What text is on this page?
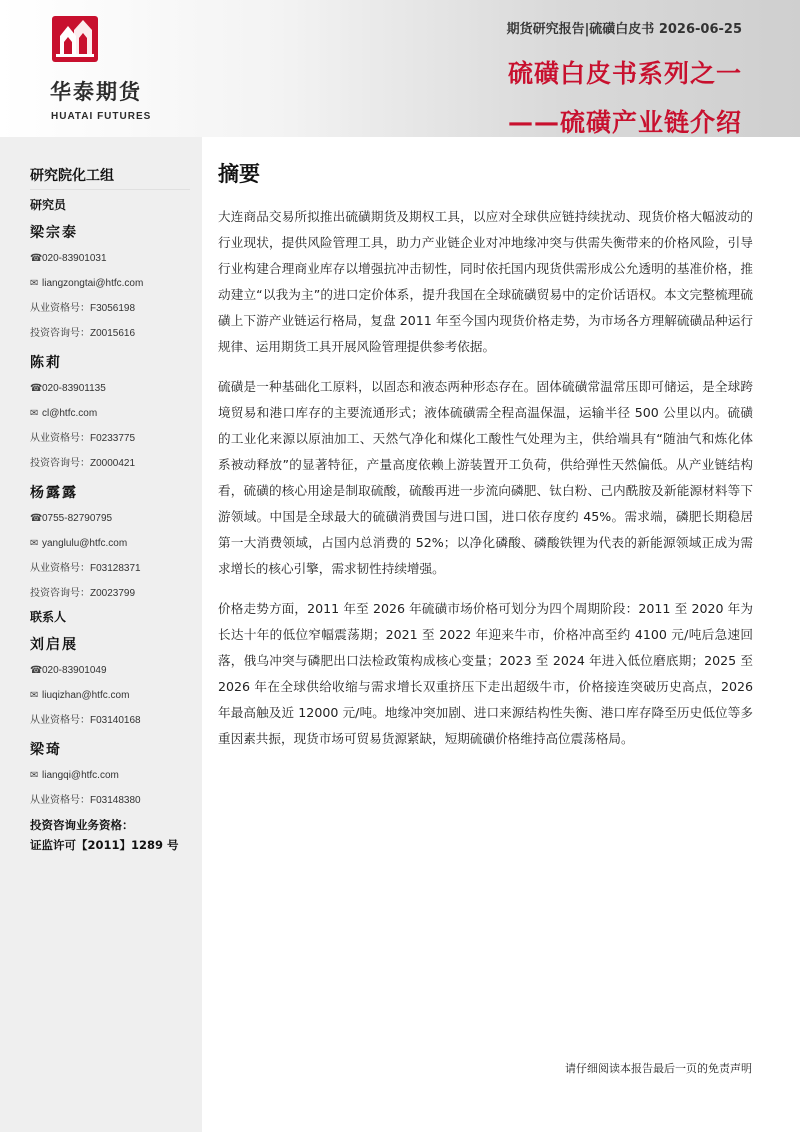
华泰期货
HUATAI FUTURES
期货研究报告|硫磺白皮书 2026-06-25
硫磺白皮书系列之一
——硫磺产业链介绍
研究院化工组
研究员
梁宗泰
☎020-83901031
✉ liangzongtai@htfc.com
从业资格号：F3056198
投资咨询号：Z0015616
陈莉
☎020-83901135
✉ cl@htfc.com
从业资格号：F0233775
投资咨询号：Z0000421
杨露露
☎0755-82790795
✉ yanglulu@htfc.com
从业资格号：F03128371
投资咨询号：Z0023799
联系人
刘启展
☎020-83901049
✉ liuqizhan@htfc.com
从业资格号：F03140168
梁琦
✉ liangqi@htfc.com
从业资格号：F03148380
投资咨询业务资格：
证监许可【2011】1289 号
摘要

大连商品交易所拟推出硫磺期货及期权工具，以应对全球供应链持续扰动、现货价格大幅波动的行业现状，提供风险管理工具，助力产业链企业对冲地缘冲突与供需失衡带来的价格风险，引导行业构建合理商业库存以增强抗冲击韧性，同时依托国内现货供需形成公允透明的基准价格，推动建立“以我为主”的进口定价体系，提升我国在全球硫磺贸易中的定价话语权。本文完整梳理硫磺上下游产业链运行格局，复盘 2011 年至今国内现货价格走势，为市场各方理解硫磺品种运行规律、运用期货工具开展风险管理提供参考依据。

硫磺是一种基础化工原料，以固态和液态两种形态存在。固体硫磺常温常压即可储运，是全球跨境贸易和港口库存的主要流通形式；液体硫磺需全程高温保温，运输半径 500 公里以内。硫磺的工业化来源以原油加工、天然气净化和煤化工酸性气处理为主，供给端具有“随油气和炼化体系被动释放”的显著特征，产量高度依赖上游装置开工负荷，供给弹性天然偏低。从产业链结构看，硫磺的核心用途是制取硫酸，硫酸再进一步流向磷肥、钛白粉、己内酰胺及新能源材料等下游领域。中国是全球最大的硫磺消费国与进口国，进口依存度约 45%。需求端，磷肥长期稳居第一大消费领域，占国内总消费的 52%；以净化磷酸、磷酸铁锂为代表的新能源领域正成为需求增长的核心引擎，需求韧性持续增强。

价格走势方面，2011 年至 2026 年硫磺市场价格可划分为四个周期阶段：2011 至 2020 年为长达十年的低位窄幅震荡期；2021 至 2022 年迎来牛市，价格冲高至约 4100 元/吨后急速回落，俄乌冲突与磷肥出口法检政策构成核心变量；2023 至 2024 年进入低位磨底期；2025 至 2026 年在全球供给收缩与需求增长双重挤压下走出超级牛市，价格接连突破历史高点，2026 年最高触及近 12000 元/吨。地缘冲突加剧、进口来源结构性失衡、港口库存降至历史低位等多重因素共振，现货市场可贸易货源紧缺，短期硫磺价格维持高位震荡格局。

请仔细阅读本报告最后一页的免责声明
